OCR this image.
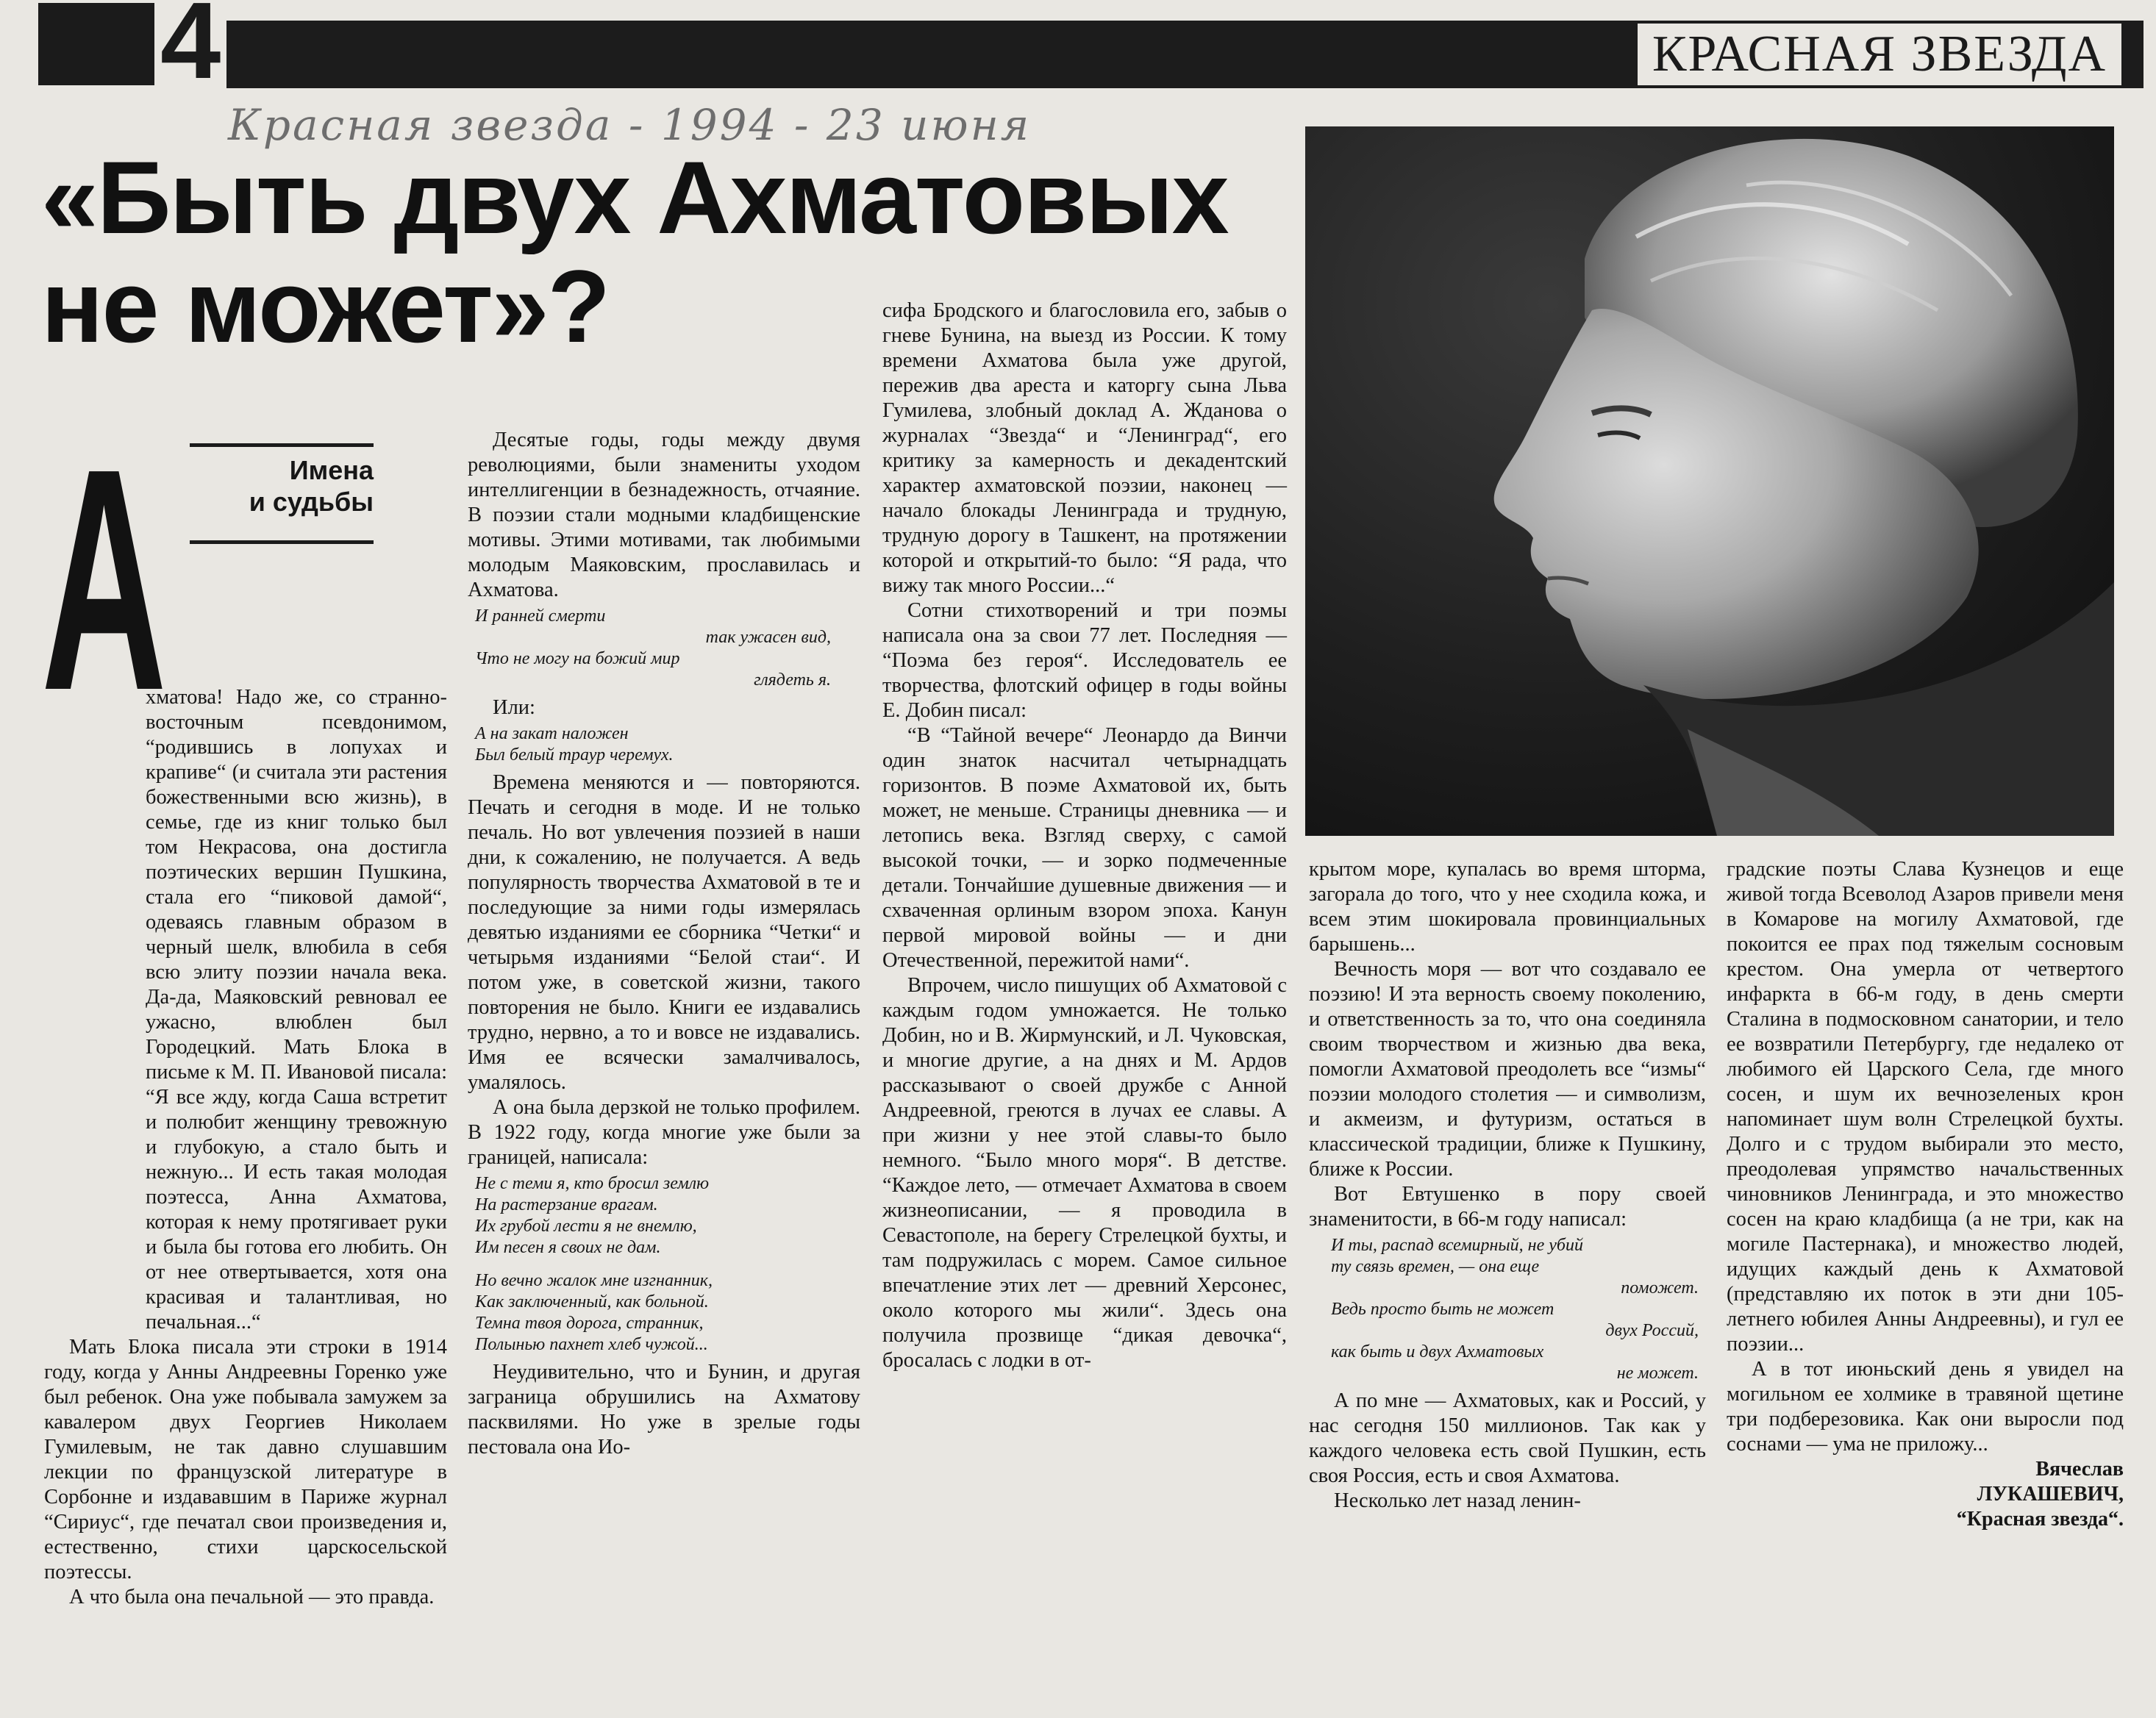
КРАСНАЯ ЗВЕЗДА
4
Красная звезда - 1994 - 23 июня
«Быть двух Ахматовых
не может»?
Имена
и судьбы
А

хматова! Надо же, со странно-восточным псевдонимом, “родившись в лопухах и крапиве“ (и считала эти растения божественными всю жизнь), в семье, где из книг только был том Некрасова, она достигла поэтических вершин Пушкина, стала его “пиковой дамой“, одеваясь главным образом в черный шелк, влюбила в себя всю элиту поэзии начала века. Да-да, Маяковский ревновал ее ужасно, влюблен был Городецкий. Мать Блока в письме к М. П. Ивановой писала: “Я все жду, когда Саша встретит и полюбит женщину тревожную и глубокую, а стало быть и нежную... И есть такая молодая поэтесса, Анна Ахматова, которая к нему протягивает руки и была бы готова его любить. Он от нее отвертывается, хотя она красивая и талантливая, но печальная...“

Мать Блока писала эти строки в 1914 году, когда у Анны Андреевны Горенко уже был ребенок. Она уже побывала замужем за кавалером двух Георгиев Николаем Гумилевым, не так давно слушавшим лекции по французской литературе в Сорбонне и издававшим в Париже журнал “Сириус“, где печатал свои произведения и, естественно, стихи царскосельской поэтессы.

А что была она печальной — это правда.

Десятые годы, годы между двумя революциями, были знамениты уходом интеллигенции в безнадежность, отчаяние. В поэзии стали модными кладбищенские мотивы. Этими мотивами, так любимыми молодым Маяковским, прославилась и Ахматова.

И ранней смерти
так ужасен вид,
Что не могу на божий мир
глядеть я.

Или:

А на закат наложен
Был белый траур черемух.

Времена меняются и — повторяются. Печать и сегодня в моде. И не только печаль. Но вот увлечения поэзией в наши дни, к сожалению, не получается. А ведь популярность творчества Ахматовой в те и последующие за ними годы измерялась девятью изданиями ее сборника “Четки“ и четырьмя изданиями “Белой стаи“. И потом уже, в советской жизни, такого повторения не было. Книги ее издавались трудно, нервно, а то и вовсе не издавались. Имя ее всячески замалчивалось, умалялось.

А она была дерзкой не только профилем. В 1922 году, когда многие уже были за границей, написала:

Не с теми я, кто бросил землю
На растерзание врагам.
Их грубой лести я не внемлю,
Им песен я своих не дам.
Но вечно жалок мне изгнанник,
Как заключенный, как больной.
Темна твоя дорога, странник,
Полынью пахнет хлеб чужой...

Неудивительно, что и Бунин, и другая заграница обрушились на Ахматову пасквилями. Но уже в зрелые годы пестовала она Ио-

сифа Бродского и благословила его, забыв о гневе Бунина, на выезд из России. К тому времени Ахматова была уже другой, пережив два ареста и каторгу сына Льва Гумилева, злобный доклад А. Жданова о журналах “Звезда“ и “Ленинград“, его критику за камерность и декадентский характер ахматовской поэзии, наконец — начало блокады Ленинграда и трудную, трудную дорогу в Ташкент, на протяжении которой и открытий-то было: “Я рада, что вижу так много России...“

Сотни стихотворений и три поэмы написала она за свои 77 лет. Последняя — “Поэма без героя“. Исследователь ее творчества, флотский офицер в годы войны Е. Добин писал:

“В “Тайной вечере“ Леонардо да Винчи один знаток насчитал четырнадцать горизонтов. В поэме Ахматовой их, быть может, не меньше. Страницы дневника — и летопись века. Взгляд сверху, с самой высокой точки, — и зорко подмеченные детали. Тончайшие душевные движения — и схваченная орлиным взором эпоха. Канун первой мировой войны — и дни Отечественной, пережитой нами“.

Впрочем, число пишущих об Ахматовой с каждым годом умножается. Не только Добин, но и В. Жирмунский, и Л. Чуковская, и многие другие, а на днях и М. Ардов рассказывают о своей дружбе с Анной Андреевной, греются в лучах ее славы. А при жизни у нее этой славы-то было немного. “Было много моря“. В детстве. “Каждое лето, — отмечает Ахматова в своем жизнеописании, — я проводила в Севастополе, на берегу Стрелецкой бухты, и там подружилась с морем. Самое сильное впечатление этих лет — древний Херсонес, около которого мы жили“. Здесь она получила прозвище “дикая девочка“, бросалась с лодки в от-

крытом море, купалась во время шторма, загорала до того, что у нее сходила кожа, и всем этим шокировала провинциальных барышень...

Вечность моря — вот что создавало ее поэзию! И эта верность своему поколению, и ответственность за то, что она соединяла своим творчеством и жизнью два века, помогли Ахматовой преодолеть все “измы“ поэзии молодого столетия — и символизм, и акмеизм, и футуризм, остаться в классической традиции, ближе к Пушкину, ближе к России.

Вот Евтушенко в пору своей знаменитости, в 66-м году написал:

И ты, распад всемирный, не убий
ту связь времен, — она еще
поможет.
Ведь просто быть не может
двух Россий,
как быть и двух Ахматовых
не может.

А по мне — Ахматовых, как и Россий, у нас сегодня 150 миллионов. Так как у каждого человека есть свой Пушкин, есть своя Россия, есть и своя Ахматова.

Несколько лет назад ленин-

градские поэты Слава Кузнецов и еще живой тогда Всеволод Азаров привели меня в Комарове на могилу Ахматовой, где покоится ее прах под тяжелым сосновым крестом. Она умерла от четвертого инфаркта в 66-м году, в день смерти Сталина в подмосковном санатории, и тело ее возвратили Петербургу, где недалеко от любимого ей Царского Села, где много сосен, и шум их вечнозеленых крон напоминает шум волн Стрелецкой бухты. Долго и с трудом выбирали это место, преодолевая упрямство начальственных чиновников Ленинграда, и это множество сосен на краю кладбища (а не три, как на могиле Пастернака), и множество людей, идущих каждый день к Ахматовой (представляю их поток в эти дни 105-летнего юбилея Анны Андреевны), и гул ее поэзии...

А в тот июньский день я увидел на могильном ее холмике в травяной щетине три подберезовика. Как они выросли под соснами — ума не приложу...

Вячеслав
ЛУКАШЕВИЧ,
“Красная звезда“.
